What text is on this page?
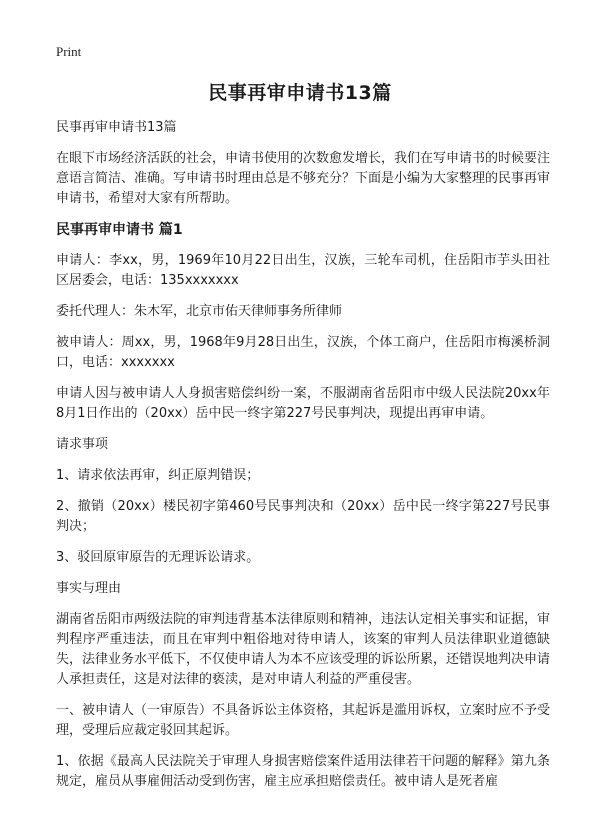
Print
民事再审申请书13篇

民事再审申请书13篇

在眼下市场经济活跃的社会，申请书使用的次数愈发增长，我们在写申请书的时候要注意语言简洁、准确。写申请书时理由总是不够充分？下面是小编为大家整理的民事再审申请书，希望对大家有所帮助。

民事再审申请书 篇1

申请人：李xx，男，1969年10月22日出生，汉族，三轮车司机，住岳阳市芋头田社区居委会，电话：135xxxxxxx

委托代理人：朱木军，北京市佑天律师事务所律师

被申请人：周xx，男，1968年9月28日出生，汉族，个体工商户，住岳阳市梅溪桥洞口，电话：xxxxxxx

申请人因与被申请人人身损害赔偿纠纷一案，不服湖南省岳阳市中级人民法院20xx年8月1日作出的（20xx）岳中民一终字第227号民事判决，现提出再审申请。

请求事项

1、请求依法再审，纠正原判错误；

2、撤销（20xx）楼民初字第460号民事判决和（20xx）岳中民一终字第227号民事判决；

3、驳回原审原告的无理诉讼请求。

事实与理由

湖南省岳阳市两级法院的审判违背基本法律原则和精神，违法认定相关事实和证据，审判程序严重违法，而且在审判中粗俗地对待申请人，该案的审判人员法律职业道德缺失，法律业务水平低下，不仅使申请人为本不应该受理的诉讼所累，还错误地判决申请人承担责任，这是对法律的亵渎，是对申请人利益的严重侵害。

一、被申请人（一审原告）不具备诉讼主体资格，其起诉是滥用诉权，立案时应不予受理，受理后应裁定驳回其起诉。

1、依据《最高人民法院关于审理人身损害赔偿案件适用法律若干问题的解释》第九条规定，雇员从事雇佣活动受到伤害，雇主应承担赔偿责任。被申请人是死者雇
